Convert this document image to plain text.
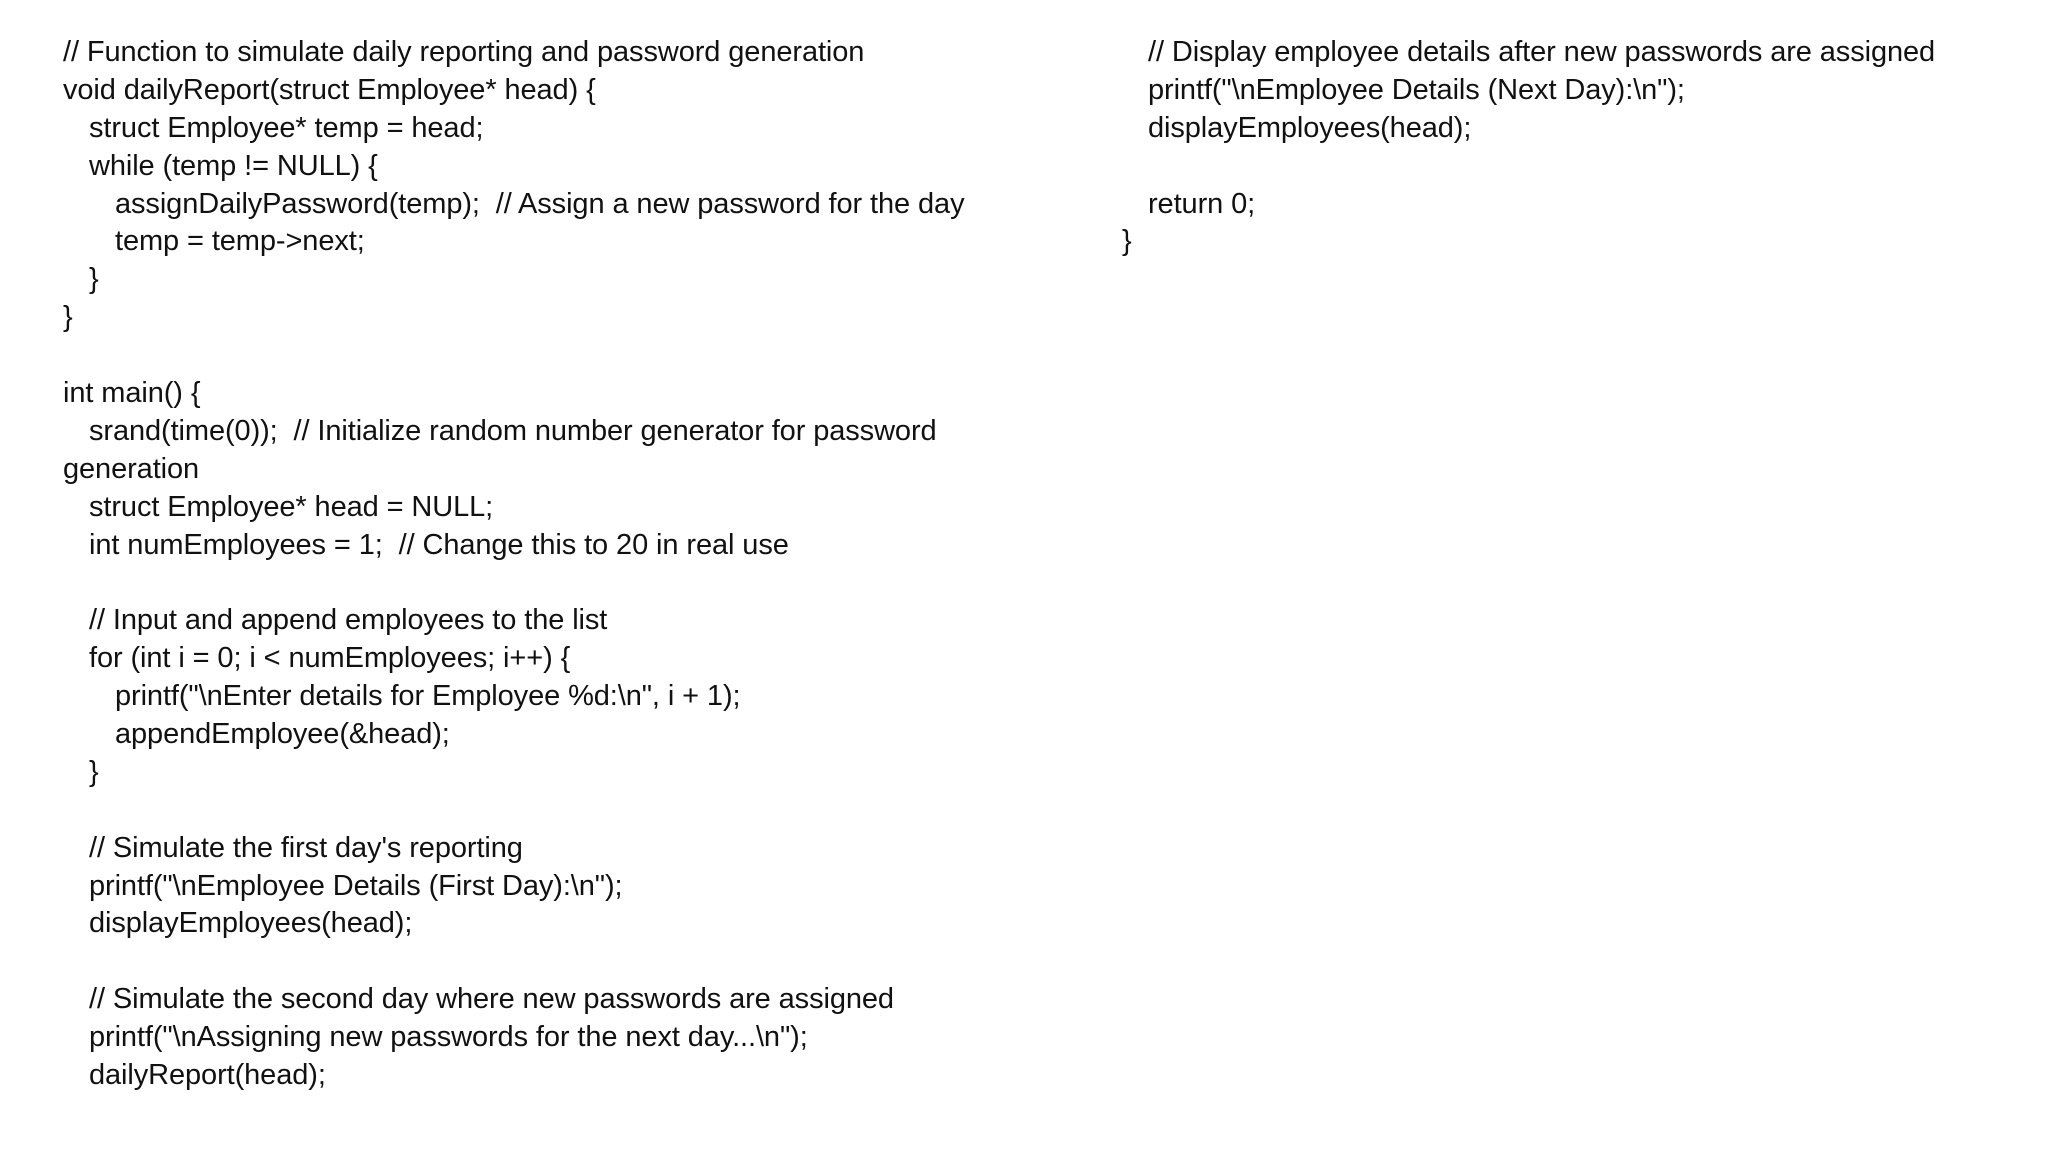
// Function to simulate daily reporting and password generation
void dailyReport(struct Employee* head) {
struct Employee* temp = head;
while (temp != NULL) {
assignDailyPassword(temp);  // Assign a new password for the day
temp = temp->next;
}
}
int main() {
srand(time(0));  // Initialize random number generator for password
generation
struct Employee* head = NULL;
int numEmployees = 1;  // Change this to 20 in real use
// Input and append employees to the list
for (int i = 0; i < numEmployees; i++) {
printf("\nEnter details for Employee %d:\n", i + 1);
appendEmployee(&head);
}
// Simulate the first day's reporting
printf("\nEmployee Details (First Day):\n");
displayEmployees(head);
// Simulate the second day where new passwords are assigned
printf("\nAssigning new passwords for the next day...\n");
dailyReport(head);
// Display employee details after new passwords are assigned
printf("\nEmployee Details (Next Day):\n");
displayEmployees(head);
return 0;
}
